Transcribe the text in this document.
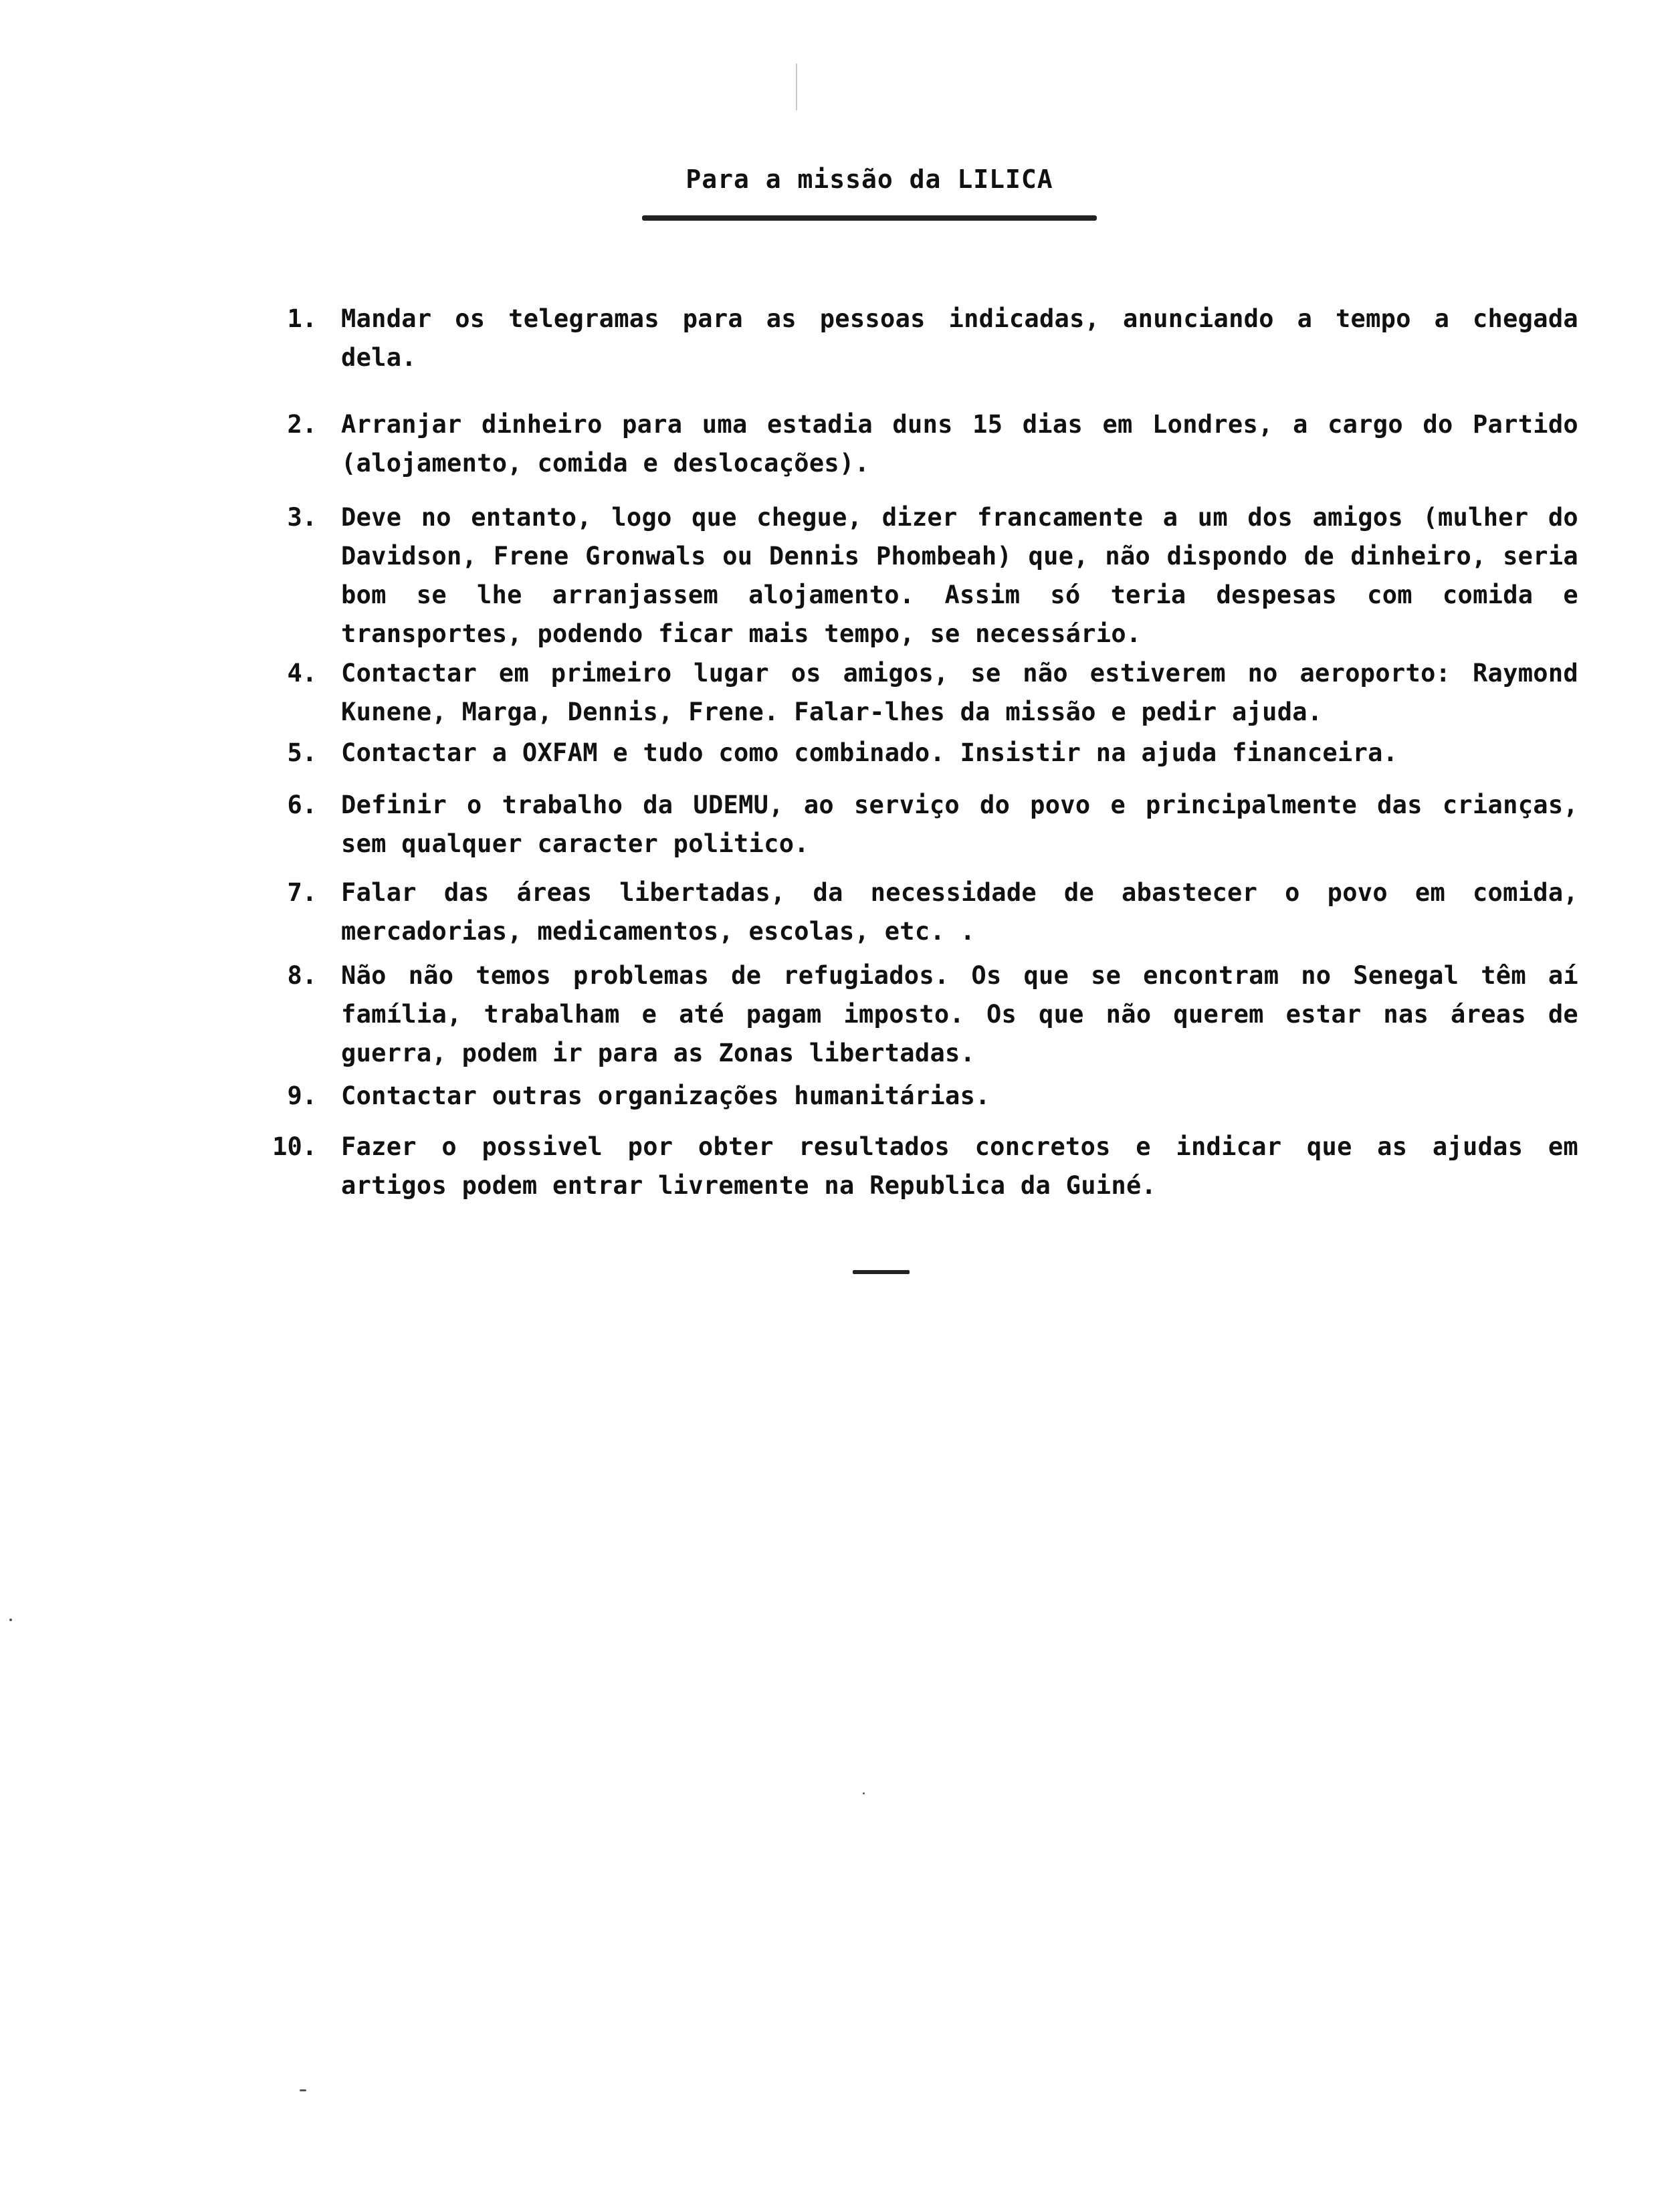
Para a missão da LILICA
1. Mandar os telegramas para as pessoas indicadas, anunciando a tempo a chegada dela.
2. Arranjar dinheiro para uma estadia duns 15 dias em Londres, a cargo do Partido (alojamento, comida e deslocações).
3. Deve no entanto, logo que chegue, dizer francamente a um dos amigos (mulher do Davidson, Frene Gronwals ou Dennis Phombeah) que, não dispondo de dinheiro, seria bom se lhe arranjassem alojamento. Assim só teria despesas com comida e transportes, podendo ficar mais tempo, se necessário.
4. Contactar em primeiro lugar os amigos, se não estiverem no aeroporto: Raymond Kunene, Marga, Dennis, Frene. Falar-lhes da missão e pedir ajuda.
5. Contactar a OXFAM e tudo como combinado. Insistir na ajuda financeira.
6. Definir o trabalho da UDEMU, ao serviço do povo e principalmente das crianças, sem qualquer caracter politico.
7. Falar das áreas libertadas, da necessidade de abastecer o povo em comida, mercadorias, medicamentos, escolas, etc. .
8. Não não temos problemas de refugiados. Os que se encontram no Senegal têm aí família, trabalham e até pagam imposto. Os que não querem estar nas áreas de guerra, podem ir para as Zonas libertadas.
9. Contactar outras organizações humanitárias.
10. Fazer o possivel por obter resultados concretos e indicar que as ajudas em artigos podem entrar livremente na Republica da Guiné.
